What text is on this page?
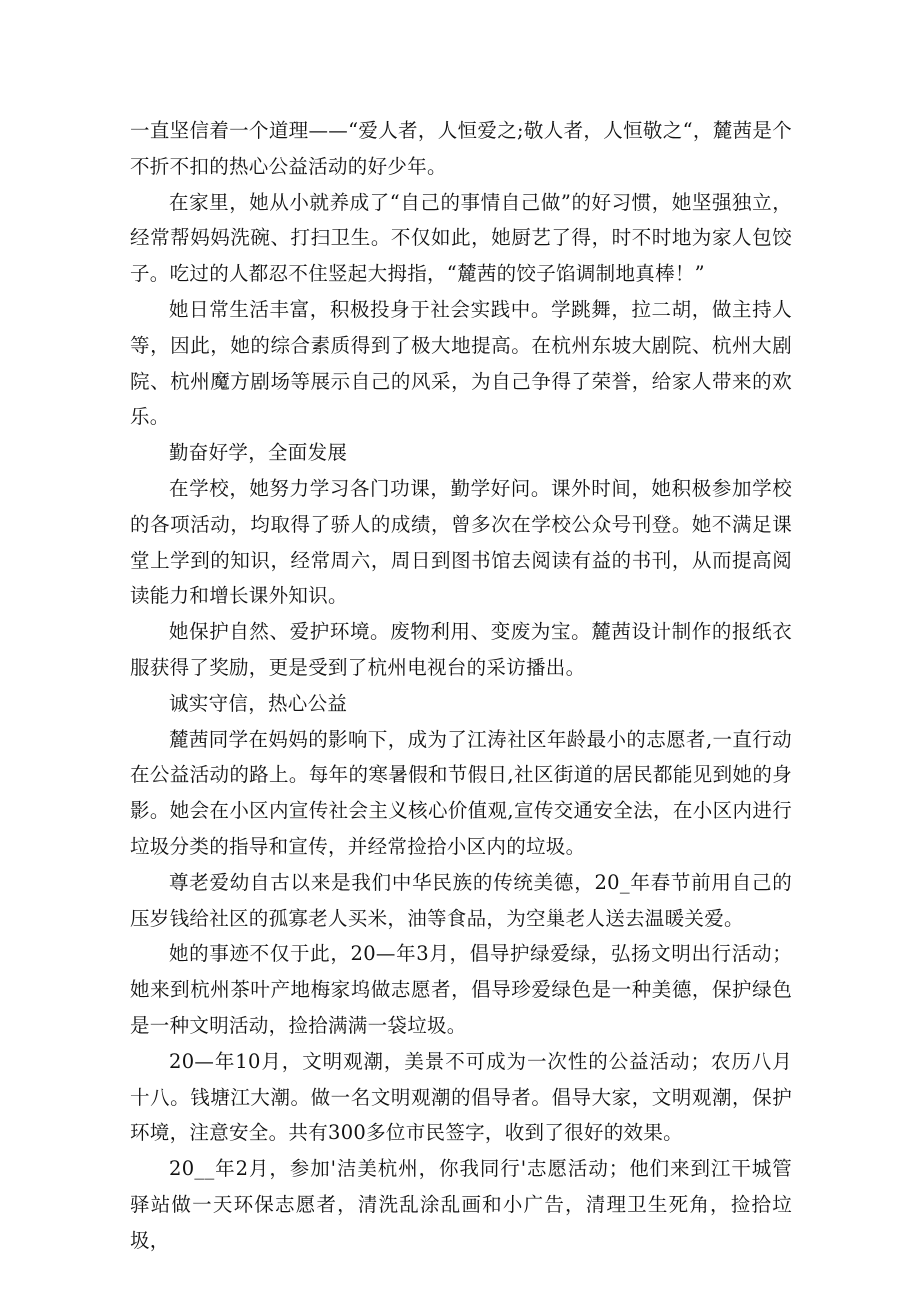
一直坚信着一个道理——“爱人者，人恒爱之;敬人者，人恒敬之“，麓茜是个不折不扣的热心公益活动的好少年。

在家里，她从小就养成了“自己的事情自己做”的好习惯，她坚强独立，经常帮妈妈洗碗、打扫卫生。不仅如此，她厨艺了得，时不时地为家人包饺子。吃过的人都忍不住竖起大拇指，“麓茜的饺子馅调制地真棒！”

她日常生活丰富，积极投身于社会实践中。学跳舞，拉二胡，做主持人等，因此，她的综合素质得到了极大地提高。在杭州东坡大剧院、杭州大剧院、杭州魔方剧场等展示自己的风采，为自己争得了荣誉，给家人带来的欢乐。

勤奋好学，全面发展

在学校，她努力学习各门功课，勤学好问。课外时间，她积极参加学校的各项活动，均取得了骄人的成绩，曾多次在学校公众号刊登。她不满足课堂上学到的知识，经常周六，周日到图书馆去阅读有益的书刊，从而提高阅读能力和增长课外知识。

她保护自然、爱护环境。废物利用、变废为宝。麓茜设计制作的报纸衣服获得了奖励，更是受到了杭州电视台的采访播出。

诚实守信，热心公益

麓茜同学在妈妈的影响下，成为了江涛社区年龄最小的志愿者,一直行动在公益活动的路上。每年的寒暑假和节假日,社区街道的居民都能见到她的身影。她会在小区内宣传社会主义核心价值观,宣传交通安全法，在小区内进行垃圾分类的指导和宣传，并经常捡拾小区内的垃圾。

尊老爱幼自古以来是我们中华民族的传统美德，20_年春节前用自己的压岁钱给社区的孤寡老人买米，油等食品，为空巢老人送去温暖关爱。

她的事迹不仅于此，20—年3月，倡导护绿爱绿，弘扬文明出行活动；她来到杭州茶叶产地梅家坞做志愿者，倡导珍爱绿色是一种美德，保护绿色是一种文明活动，捡拾满满一袋垃圾。

20—年10月，文明观潮，美景不可成为一次性的公益活动；农历八月十八。钱塘江大潮。做一名文明观潮的倡导者。倡导大家，文明观潮，保护环境，注意安全。共有300多位市民签字，收到了很好的效果。

20__年2月，参加'洁美杭州，你我同行'志愿活动；他们来到江干城管驿站做一天环保志愿者，清洗乱涂乱画和小广告，清理卫生死角，捡拾垃圾，
